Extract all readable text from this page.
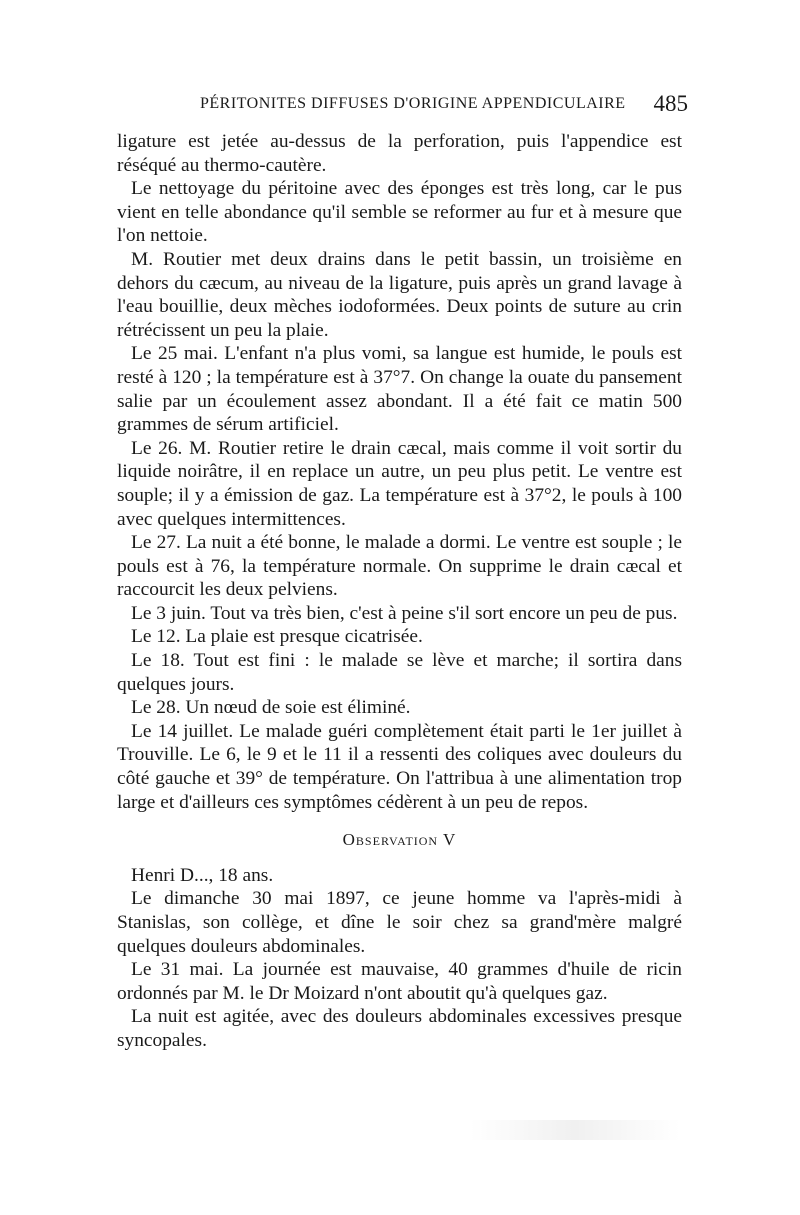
PÉRITONITES DIFFUSES D'ORIGINE APPENDICULAIRE 485

ligature est jetée au-dessus de la perforation, puis l'appendice est réséqué au thermo-cautère.

Le nettoyage du péritoine avec des éponges est très long, car le pus vient en telle abondance qu'il semble se reformer au fur et à mesure que l'on nettoie.

M. Routier met deux drains dans le petit bassin, un troisième en dehors du cæcum, au niveau de la ligature, puis après un grand lavage à l'eau bouillie, deux mèches iodoformées. Deux points de suture au crin rétrécissent un peu la plaie.

Le 25 mai. L'enfant n'a plus vomi, sa langue est humide, le pouls est resté à 120 ; la température est à 37°7. On change la ouate du pansement salie par un écoulement assez abondant. Il a été fait ce matin 500 grammes de sérum artificiel.

Le 26. M. Routier retire le drain cæcal, mais comme il voit sortir du liquide noirâtre, il en replace un autre, un peu plus petit. Le ventre est souple; il y a émission de gaz. La température est à 37°2, le pouls à 100 avec quelques intermittences.

Le 27. La nuit a été bonne, le malade a dormi. Le ventre est souple ; le pouls est à 76, la température normale. On supprime le drain cæcal et raccourcit les deux pelviens.

Le 3 juin. Tout va très bien, c'est à peine s'il sort encore un peu de pus.

Le 12. La plaie est presque cicatrisée.

Le 18. Tout est fini : le malade se lève et marche; il sortira dans quelques jours.

Le 28. Un nœud de soie est éliminé.

Le 14 juillet. Le malade guéri complètement était parti le 1er juillet à Trouville. Le 6, le 9 et le 11 il a ressenti des coliques avec douleurs du côté gauche et 39° de température. On l'attribua à une alimentation trop large et d'ailleurs ces symptômes cédèrent à un peu de repos.

Observation V

Henri D..., 18 ans.

Le dimanche 30 mai 1897, ce jeune homme va l'après-midi à Stanislas, son collège, et dîne le soir chez sa grand'mère malgré quelques douleurs abdominales.

Le 31 mai. La journée est mauvaise, 40 grammes d'huile de ricin ordonnés par M. le Dr Moizard n'ont aboutit qu'à quelques gaz.

La nuit est agitée, avec des douleurs abdominales excessives presque syncopales.
